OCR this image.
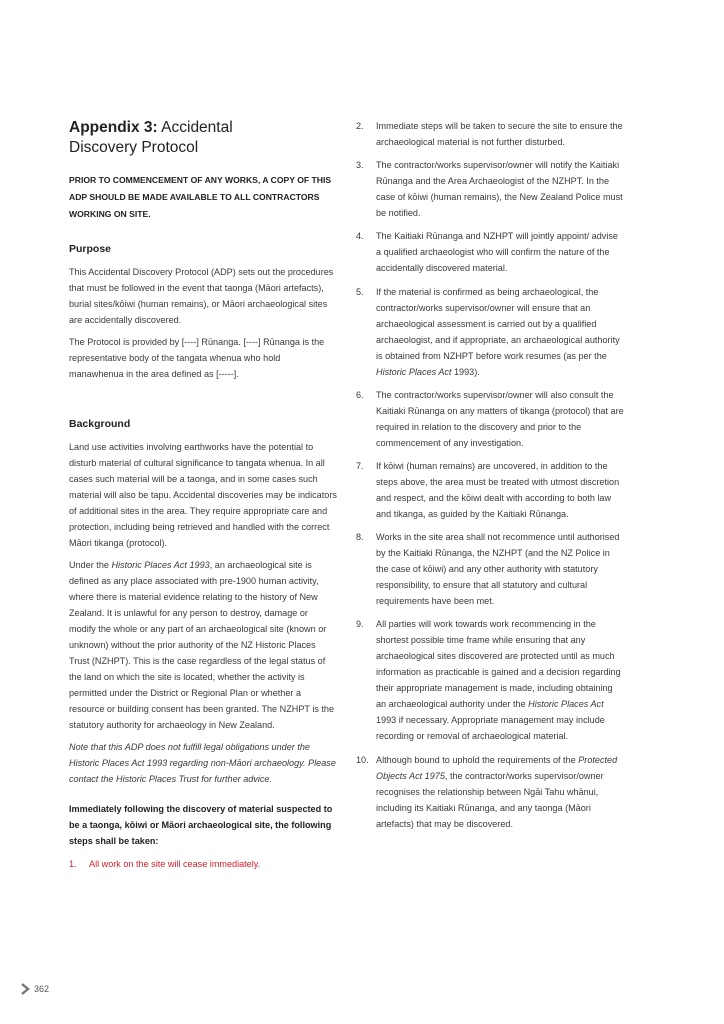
Appendix 3: Accidental
Discovery Protocol
PRIOR TO COMMENCEMENT OF ANY WORKS, A COPY OF THIS ADP SHOULD BE MADE AVAILABLE TO ALL CONTRACTORS WORKING ON SITE.
Purpose

This Accidental Discovery Protocol (ADP) sets out the procedures that must be followed in the event that taonga (Māori artefacts), burial sites/kōiwi (human remains), or Māori archaeological sites are accidentally discovered.

The Protocol is provided by [----] Rūnanga. [----] Rūnanga is the representative body of the tangata whenua who hold manawhenua in the area defined as [-----].

Background

Land use activities involving earthworks have the potential to disturb material of cultural significance to tangata whenua. In all cases such material will be a taonga, and in some cases such material will also be tapu. Accidental discoveries may be indicators of additional sites in the area. They require appropriate care and protection, including being retrieved and handled with the correct Māori tikanga (protocol).

Under the Historic Places Act 1993, an archaeological site is defined as any place associated with pre-1900 human activity, where there is material evidence relating to the history of New Zealand. It is unlawful for any person to destroy, damage or modify the whole or any part of an archaeological site (known or unknown) without the prior authority of the NZ Historic Places Trust (NZHPT). This is the case regardless of the legal status of the land on which the site is located, whether the activity is permitted under the District or Regional Plan or whether a resource or building consent has been granted. The NZHPT is the statutory authority for archaeology in New Zealand.

Note that this ADP does not fulfill legal obligations under the Historic Places Act 1993 regarding non-Māori archaeology. Please contact the Historic Places Trust for further advice.

Immediately following the discovery of material suspected to be a taonga, kōiwi or Māori archaeological site, the following steps shall be taken:
1. All work on the site will cease immediately.
2. Immediate steps will be taken to secure the site to ensure the archaeological material is not further disturbed.
3. The contractor/works supervisor/owner will notify the Kaitiaki Rūnanga and the Area Archaeologist of the NZHPT. In the case of kōiwi (human remains), the New Zealand Police must be notified.
4. The Kaitiaki Rūnanga and NZHPT will jointly appoint/ advise a qualified archaeologist who will confirm the nature of the accidentally discovered material.
5. If the material is confirmed as being archaeological, the contractor/works supervisor/owner will ensure that an archaeological assessment is carried out by a qualified archaeologist, and if appropriate, an archaeological authority is obtained from NZHPT before work resumes (as per the Historic Places Act 1993).
6. The contractor/works supervisor/owner will also consult the Kaitiaki Rūnanga on any matters of tikanga (protocol) that are required in relation to the discovery and prior to the commencement of any investigation.
7. If kōiwi (human remains) are uncovered, in addition to the steps above, the area must be treated with utmost discretion and respect, and the kōiwi dealt with according to both law and tikanga, as guided by the Kaitiaki Rūnanga.
8. Works in the site area shall not recommence until authorised by the Kaitiaki Rūnanga, the NZHPT (and the NZ Police in the case of kōiwi) and any other authority with statutory responsibility, to ensure that all statutory and cultural requirements have been met.
9. All parties will work towards work recommencing in the shortest possible time frame while ensuring that any archaeological sites discovered are protected until as much information as practicable is gained and a decision regarding their appropriate management is made, including obtaining an archaeological authority under the Historic Places Act 1993 if necessary. Appropriate management may include recording or removal of archaeological material.
10. Although bound to uphold the requirements of the Protected Objects Act 1975, the contractor/works supervisor/owner recognises the relationship between Ngāi Tahu whānui, including its Kaitiaki Rūnanga, and any taonga (Māori artefacts) that may be discovered.
362
